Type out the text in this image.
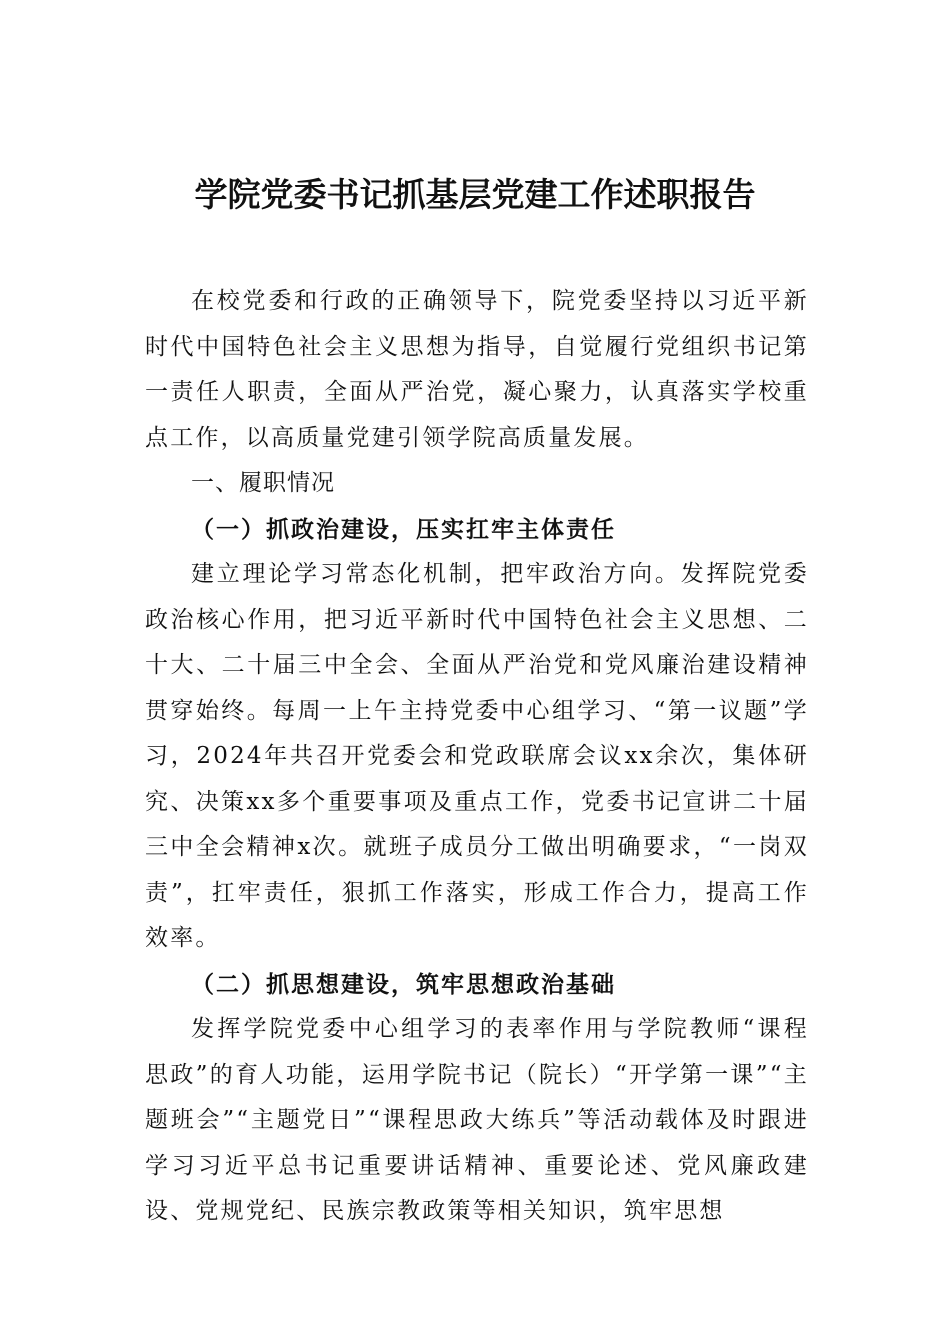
学院党委书记抓基层党建工作述职报告

在校党委和行政的正确领导下，院党委坚持以习近平新时代中国特色社会主义思想为指导，自觉履行党组织书记第一责任人职责，全面从严治党，凝心聚力，认真落实学校重点工作，以高质量党建引领学院高质量发展。

一、履职情况

（一）抓政治建设，压实扛牢主体责任

建立理论学习常态化机制，把牢政治方向。发挥院党委政治核心作用，把习近平新时代中国特色社会主义思想、二十大、二十届三中全会、全面从严治党和党风廉治建设精神贯穿始终。每周一上午主持党委中心组学习、“第一议题”学习，2024年共召开党委会和党政联席会议xx余次，集体研究、决策xx多个重要事项及重点工作，党委书记宣讲二十届三中全会精神x次。就班子成员分工做出明确要求，“一岗双责”，扛牢责任，狠抓工作落实，形成工作合力，提高工作效率。

（二）抓思想建设，筑牢思想政治基础

发挥学院党委中心组学习的表率作用与学院教师“课程思政”的育人功能，运用学院书记（院长）“开学第一课”“主题班会”“主题党日”“课程思政大练兵”等活动载体及时跟进学习习近平总书记重要讲话精神、重要论述、党风廉政建设、党规党纪、民族宗教政策等相关知识，筑牢思想
